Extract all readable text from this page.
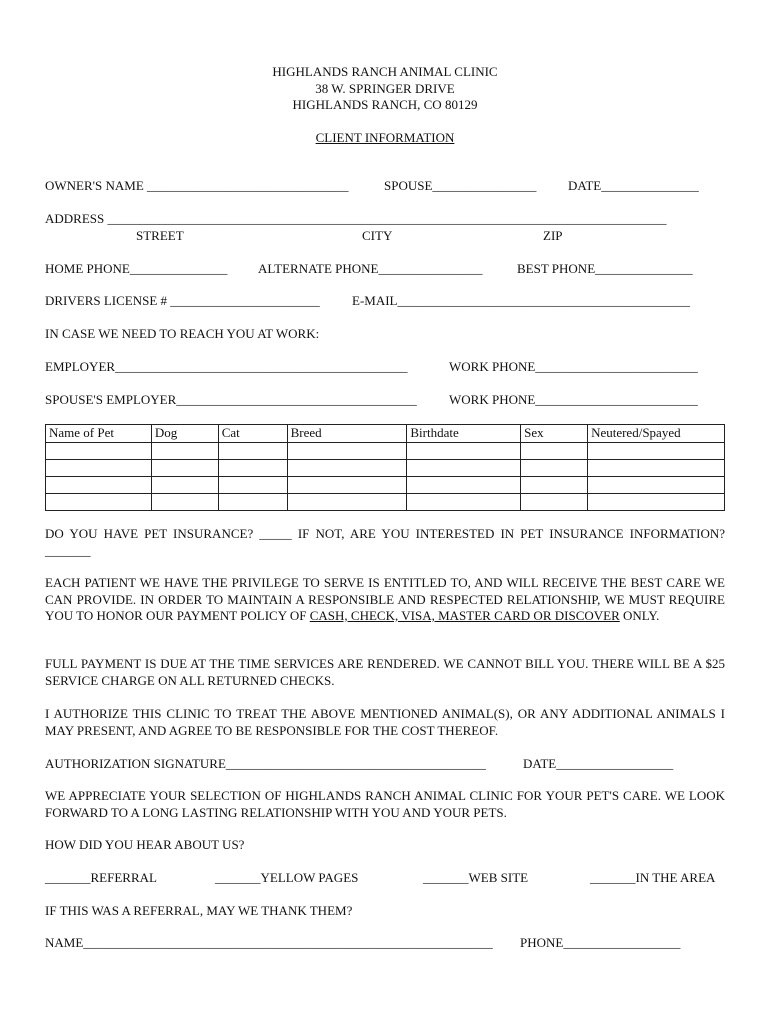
HIGHLANDS RANCH ANIMAL CLINIC
38 W. SPRINGER DRIVE
HIGHLANDS RANCH, CO 80129
CLIENT INFORMATION
OWNER'S NAME _______________________________	SPOUSE________________ DATE_______________
ADDRESS ______________________________________________________________________________________
STREET	CITY	ZIP
HOME PHONE_______________ ALTERNATE PHONE________________	BEST PHONE_______________
DRIVERS LICENSE # _______________________ E-MAIL_____________________________________________
IN CASE WE NEED TO REACH YOU AT WORK:
EMPLOYER_____________________________________________	WORK PHONE_________________________
SPOUSE'S EMPLOYER_____________________________________ WORK PHONE_________________________
Name of Pet	Dog	Cat	Breed	Birthdate	Sex	Neutered/Spayed

DO YOU HAVE PET INSURANCE? _____ IF NOT, ARE YOU INTERESTED IN PET INSURANCE INFORMATION? _______
EACH PATIENT WE HAVE THE PRIVILEGE TO SERVE IS ENTITLED TO, AND WILL RECEIVE THE BEST CARE WE CAN PROVIDE. IN ORDER TO MAINTAIN A RESPONSIBLE AND RESPECTED RELATIONSHIP, WE MUST REQUIRE YOU TO HONOR OUR PAYMENT POLICY OF CASH, CHECK, VISA, MASTER CARD OR DISCOVER ONLY.
FULL PAYMENT IS DUE AT THE TIME SERVICES ARE RENDERED. WE CANNOT BILL YOU. THERE WILL BE A $25 SERVICE CHARGE ON ALL RETURNED CHECKS.
I AUTHORIZE THIS CLINIC TO TREAT THE ABOVE MENTIONED ANIMAL(S), OR ANY ADDITIONAL ANIMALS I MAY PRESENT, AND AGREE TO BE RESPONSIBLE FOR THE COST THEREOF.
AUTHORIZATION SIGNATURE________________________________________	DATE__________________
WE APPRECIATE YOUR SELECTION OF HIGHLANDS RANCH ANIMAL CLINIC FOR YOUR PET'S CARE. WE LOOK FORWARD TO A LONG LASTING RELATIONSHIP WITH YOU AND YOUR PETS.
HOW DID YOU HEAR ABOUT US?
_______REFERRAL	_______YELLOW PAGES	_______WEB SITE	_______IN THE AREA
IF THIS WAS A REFERRAL, MAY WE THANK THEM?
NAME_______________________________________________________________ PHONE__________________
